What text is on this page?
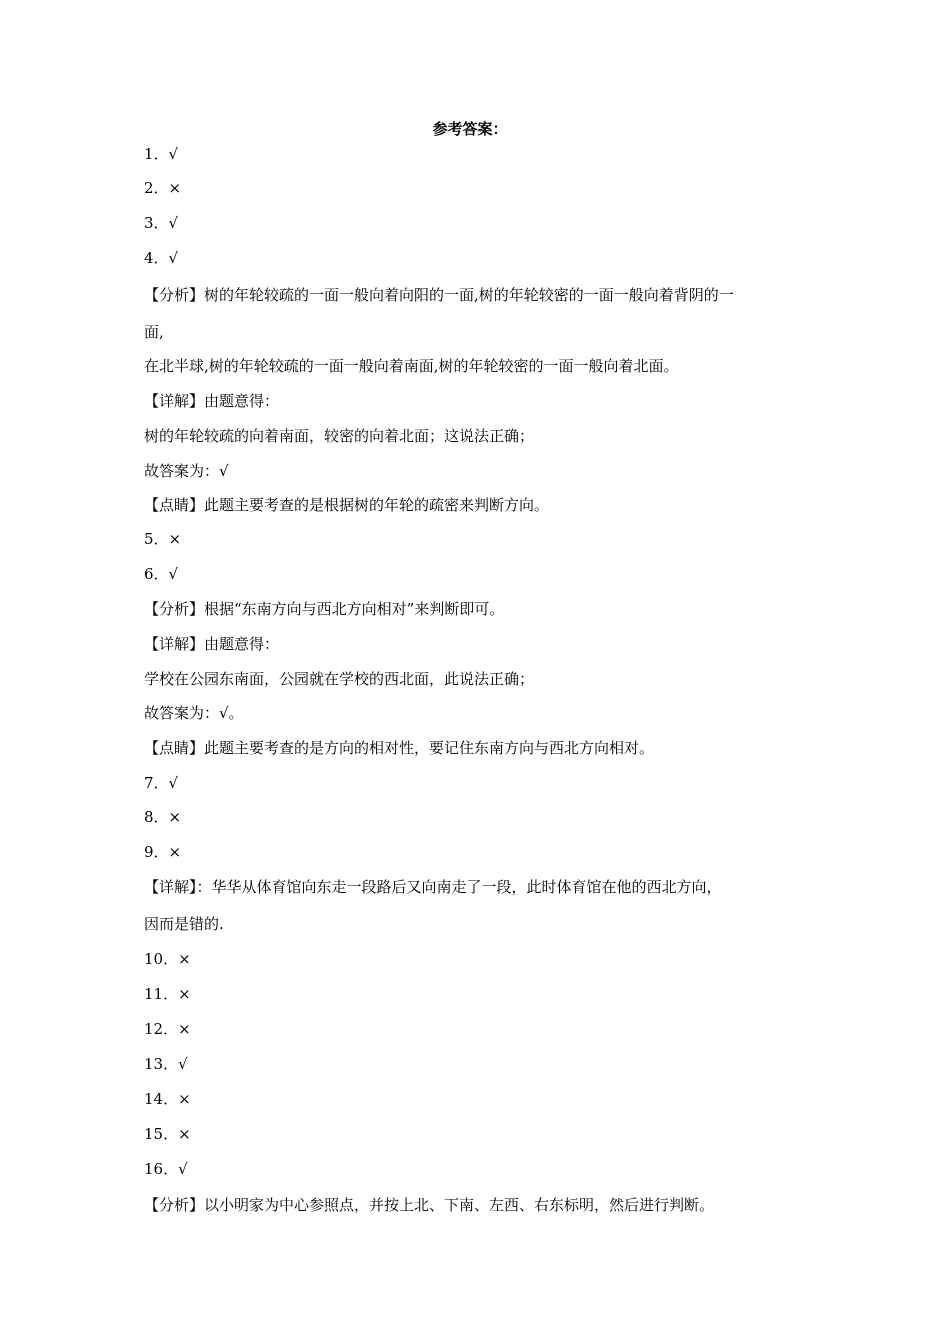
参考答案：
1．√
2．×
3．√
4．√
【分析】树的年轮较疏的一面一般向着向阳的一面,树的年轮较密的一面一般向着背阴的一
面,
在北半球,树的年轮较疏的一面一般向着南面,树的年轮较密的一面一般向着北面。
【详解】由题意得：
树的年轮较疏的向着南面，较密的向着北面；这说法正确；
故答案为：√
【点睛】此题主要考查的是根据树的年轮的疏密来判断方向。
5．×
6．√
【分析】根据“东南方向与西北方向相对”来判断即可。
【详解】由题意得：
学校在公园东南面，公园就在学校的西北面，此说法正确；
故答案为：√。
【点睛】此题主要考查的是方向的相对性，要记住东南方向与西北方向相对。
7．√
8．×
9．×
【详解】：华华从体育馆向东走一段路后又向南走了一段，此时体育馆在他的西北方向，
因而是错的.
10．×
11．×
12．×
13．√
14．×
15．×
16．√
【分析】以小明家为中心参照点，并按上北、下南、左西、右东标明，然后进行判断。
